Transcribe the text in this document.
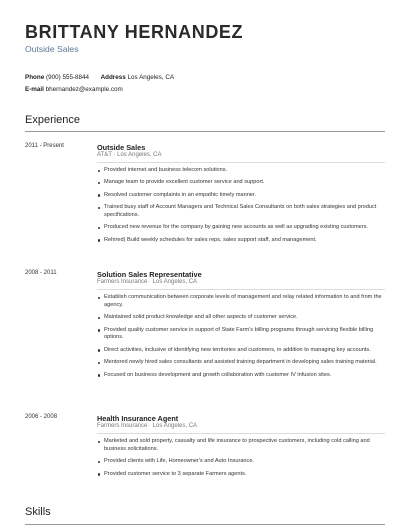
BRITTANY HERNANDEZ
Outside Sales
Phone (900) 555-8844 Address Los Angeles, CA
E-mail bhernandez@example.com
Experience
2011 - Present	Outside Sales
AT&T · Los Angeles, CA
Provided internet and business telecom solutions.
Manage team to provide excellent customer service and support.
Resolved customer complaints in an empathic timely manner.
Trained busy staff of Account Managers and Technical Sales Consultants on both sales strategies and product specifications.
Produced new revenue for the company by gaining new accounts as well as upgrading existing customers.
Rehired) Build weekly schedules for sales reps, sales support staff, and management.
2008 - 2011	Solution Sales Representative
Farmers Insurance · Los Angeles, CA
Establish communication between corporate levels of management and relay related information to and from the agency.
Maintained solid product knowledge and all other aspects of customer service.
Provided quality customer service in support of State Farm's billing programs through servicing flexible billing options.
Direct activities, inclusive of identifying new territories and customers, in addition to managing key accounts.
Mentored newly hired sales consultants and assisted training department in developing sales training material.
Focused on business development and growth collaboration with customer IV infusion sites.
2006 - 2008	Health Insurance Agent
Farmers Insurance · Los Angeles, CA
Marketed and sold property, casualty and life insurance to prospective customers, including cold calling and business solicitations.
Provided clients with Life, Homeowner's and Auto Insurance.
Provided customer service to 3 separate Farmers agents.
Skills
